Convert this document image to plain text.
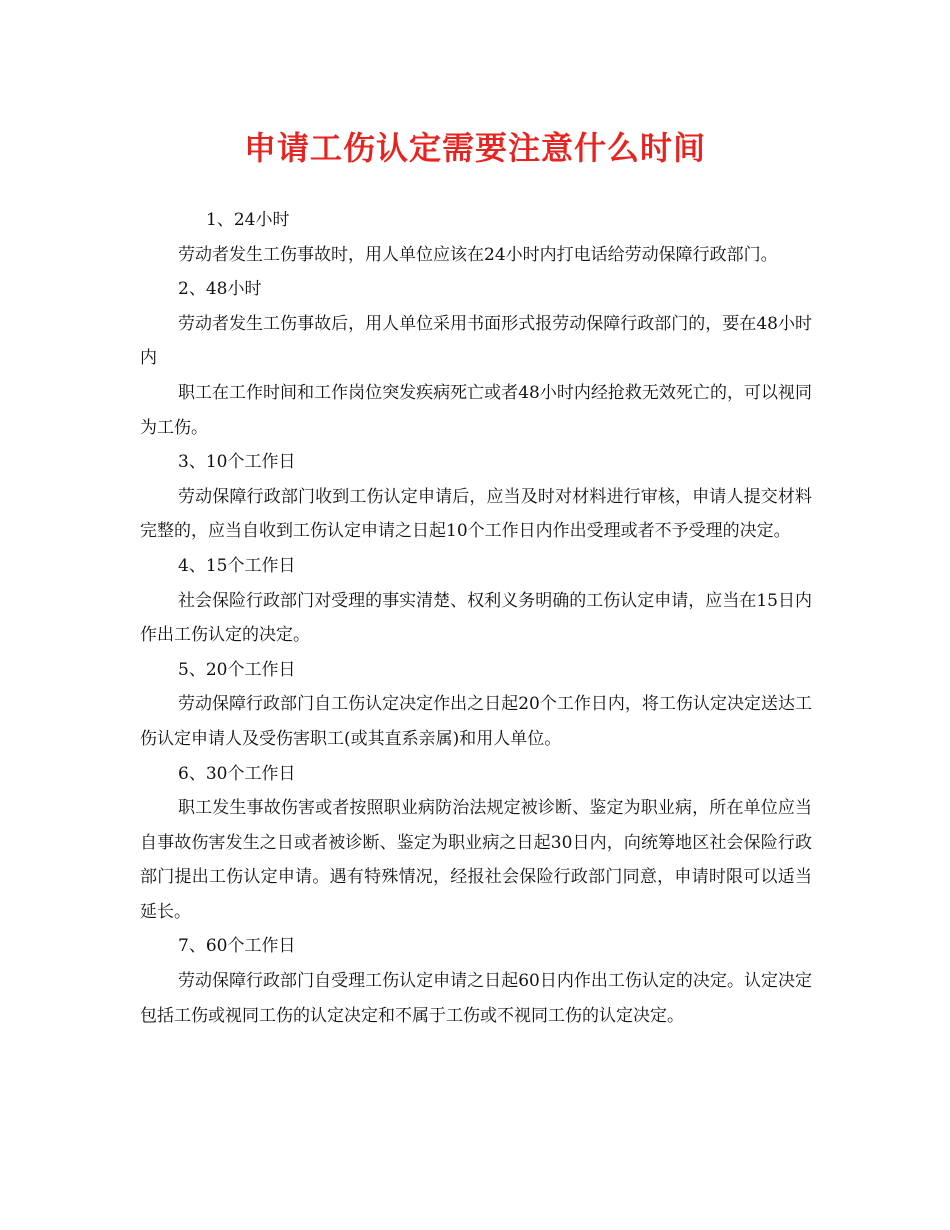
申请工伤认定需要注意什么时间

1、24小时

劳动者发生工伤事故时，用人单位应该在24小时内打电话给劳动保障行政部门。

2、48小时

劳动者发生工伤事故后，用人单位采用书面形式报劳动保障行政部门的，要在48小时内

职工在工作时间和工作岗位突发疾病死亡或者48小时内经抢救无效死亡的，可以视同为工伤。

3、10个工作日

劳动保障行政部门收到工伤认定申请后，应当及时对材料进行审核，申请人提交材料完整的，应当自收到工伤认定申请之日起10个工作日内作出受理或者不予受理的决定。

4、15个工作日

社会保险行政部门对受理的事实清楚、权利义务明确的工伤认定申请，应当在15日内作出工伤认定的决定。

5、20个工作日

劳动保障行政部门自工伤认定决定作出之日起20个工作日内，将工伤认定决定送达工伤认定申请人及受伤害职工(或其直系亲属)和用人单位。

6、30个工作日

职工发生事故伤害或者按照职业病防治法规定被诊断、鉴定为职业病，所在单位应当自事故伤害发生之日或者被诊断、鉴定为职业病之日起30日内，向统筹地区社会保险行政部门提出工伤认定申请。遇有特殊情况，经报社会保险行政部门同意，申请时限可以适当延长。

7、60个工作日

劳动保障行政部门自受理工伤认定申请之日起60日内作出工伤认定的决定。认定决定包括工伤或视同工伤的认定决定和不属于工伤或不视同工伤的认定决定。
